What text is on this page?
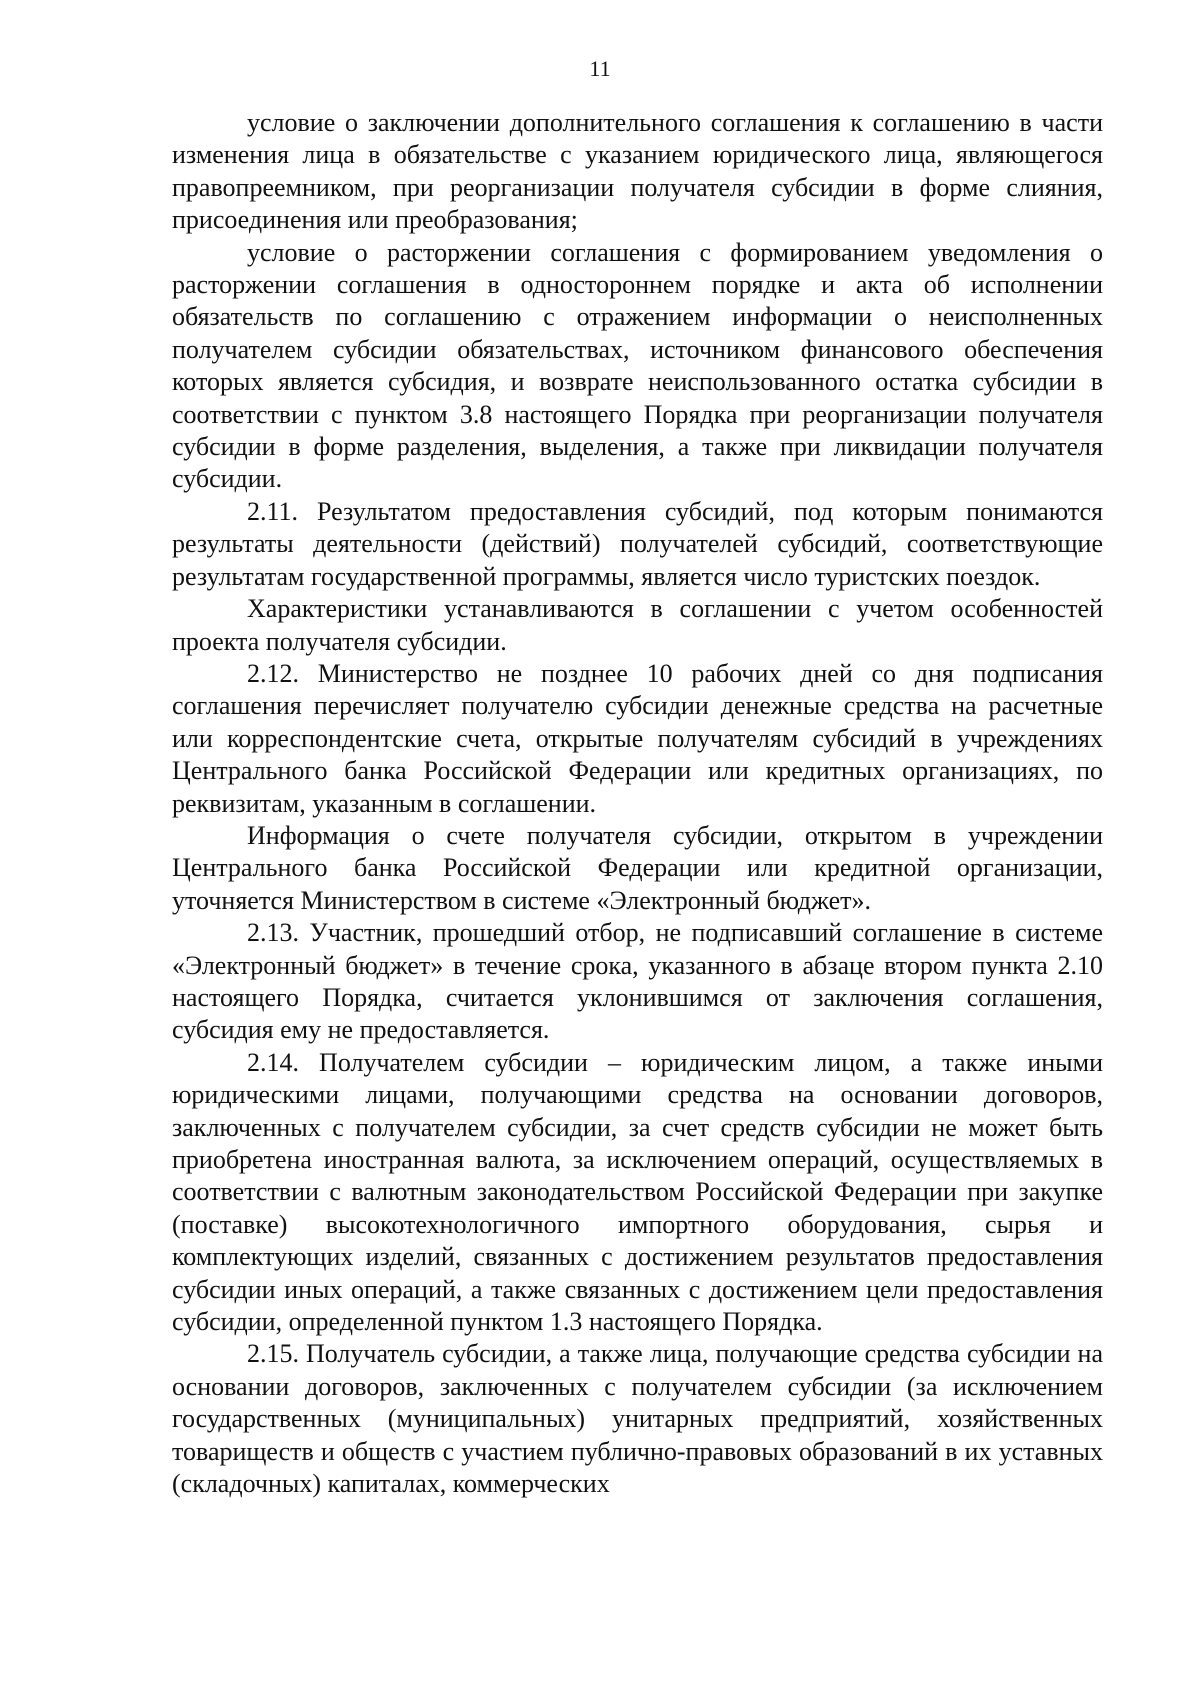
11

условие о заключении дополнительного соглашения к соглашению в части изменения лица в обязательстве с указанием юридического лица, являющегося правопреемником, при реорганизации получателя субсидии в форме слияния, присоединения или преобразования;

условие о расторжении соглашения с формированием уведомления о расторжении соглашения в одностороннем порядке и акта об исполнении обязательств по соглашению с отражением информации о неисполненных получателем субсидии обязательствах, источником финансового обеспечения которых является субсидия, и возврате неиспользованного остатка субсидии в соответствии с пунктом 3.8 настоящего Порядка при реорганизации получателя субсидии в форме разделения, выделения, а также при ликвидации получателя субсидии.

2.11. Результатом предоставления субсидий, под которым понимаются результаты деятельности (действий) получателей субсидий, соответствующие результатам государственной программы, является число туристских поездок.

Характеристики устанавливаются в соглашении с учетом особенностей проекта получателя субсидии.

2.12. Министерство не позднее 10 рабочих дней со дня подписания соглашения перечисляет получателю субсидии денежные средства на расчетные или корреспондентские счета, открытые получателям субсидий в учреждениях Центрального банка Российской Федерации или кредитных организациях, по реквизитам, указанным в соглашении.

Информация о счете получателя субсидии, открытом в учреждении Центрального банка Российской Федерации или кредитной организации, уточняется Министерством в системе «Электронный бюджет».

2.13. Участник, прошедший отбор, не подписавший соглашение в системе «Электронный бюджет» в течение срока, указанного в абзаце втором пункта 2.10 настоящего Порядка, считается уклонившимся от заключения соглашения, субсидия ему не предоставляется.

2.14. Получателем субсидии – юридическим лицом, а также иными юридическими лицами, получающими средства на основании договоров, заключенных с получателем субсидии, за счет средств субсидии не может быть приобретена иностранная валюта, за исключением операций, осуществляемых в соответствии с валютным законодательством Российской Федерации при закупке (поставке) высокотехнологичного импортного оборудования, сырья и комплектующих изделий, связанных с достижением результатов предоставления субсидии иных операций, а также связанных с достижением цели предоставления субсидии, определенной пунктом 1.3 настоящего Порядка.

2.15. Получатель субсидии, а также лица, получающие средства субсидии на основании договоров, заключенных с получателем субсидии (за исключением государственных (муниципальных) унитарных предприятий, хозяйственных товариществ и обществ с участием публично-правовых образований в их уставных (складочных) капиталах, коммерческих
